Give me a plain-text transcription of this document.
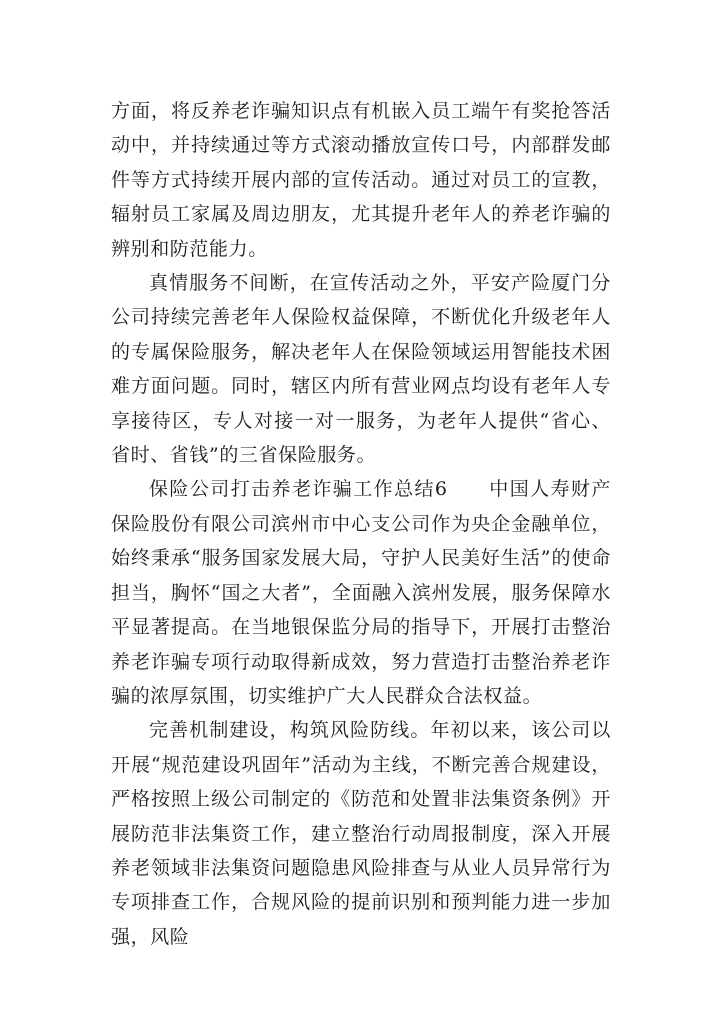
方面，将反养老诈骗知识点有机嵌入员工端午有奖抢答活动中，并持续通过等方式滚动播放宣传口号，内部群发邮件等方式持续开展内部的宣传活动。通过对员工的宣教，辐射员工家属及周边朋友，尤其提升老年人的养老诈骗的辨别和防范能力。

真情服务不间断，在宣传活动之外，平安产险厦门分公司持续完善老年人保险权益保障，不断优化升级老年人的专属保险服务，解决老年人在保险领域运用智能技术困难方面问题。同时，辖区内所有营业网点均设有老年人专享接待区，专人对接一对一服务，为老年人提供“省心、省时、省钱”的三省保险服务。

保险公司打击养老诈骗工作总结6　　中国人寿财产保险股份有限公司滨州市中心支公司作为央企金融单位，始终秉承“服务国家发展大局，守护人民美好生活”的使命担当，胸怀“国之大者”，全面融入滨州发展，服务保障水平显著提高。在当地银保监分局的指导下，开展打击整治养老诈骗专项行动取得新成效，努力营造打击整治养老诈骗的浓厚氛围，切实维护广大人民群众合法权益。

完善机制建设，构筑风险防线。年初以来，该公司以开展“规范建设巩固年”活动为主线，不断完善合规建设，严格按照上级公司制定的《防范和处置非法集资条例》开展防范非法集资工作，建立整治行动周报制度，深入开展养老领域非法集资问题隐患风险排查与从业人员异常行为专项排查工作，合规风险的提前识别和预判能力进一步加强，风险
